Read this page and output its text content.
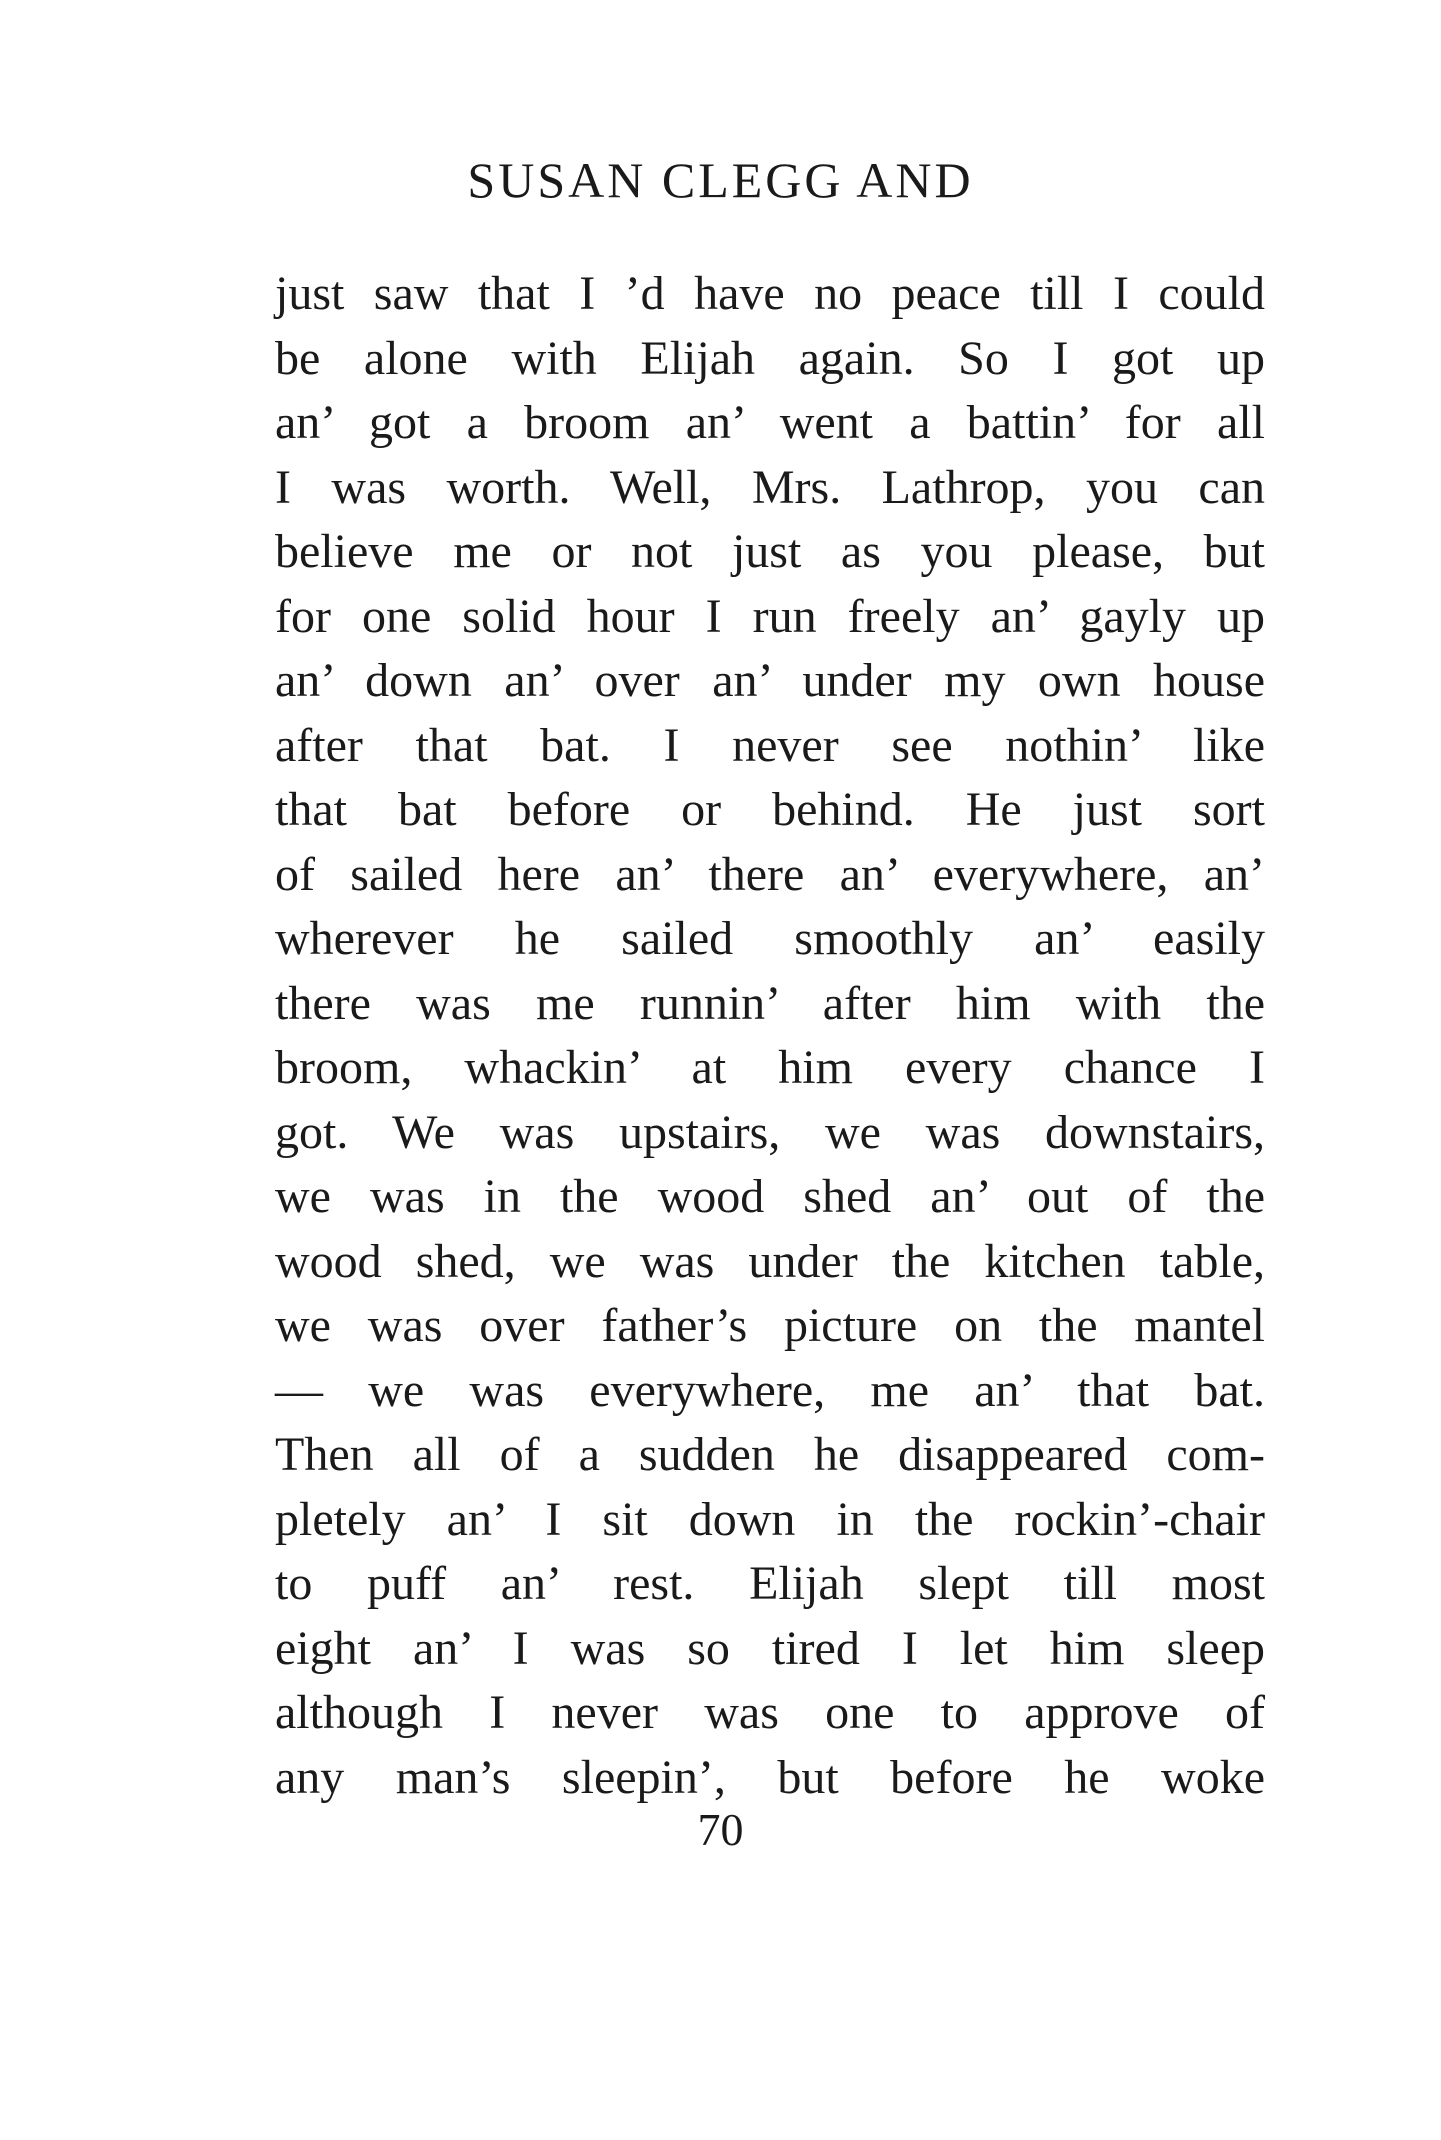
SUSAN CLEGG AND
just saw that I ’d have no peace till I could
be alone with Elijah again. So I got up
an’ got a broom an’ went a battin’ for all
I was worth. Well, Mrs. Lathrop, you can
believe me or not just as you please, but
for one solid hour I run freely an’ gayly up
an’ down an’ over an’ under my own house
after that bat. I never see nothin’ like
that bat before or behind. He just sort
of sailed here an’ there an’ everywhere, an’
wherever he sailed smoothly an’ easily
there was me runnin’ after him with the
broom, whackin’ at him every chance I
got. We was upstairs, we was downstairs,
we was in the wood shed an’ out of the
wood shed, we was under the kitchen table,
we was over father’s picture on the mantel
— we was everywhere, me an’ that bat.
Then all of a sudden he disappeared com-
pletely an’ I sit down in the rockin’-chair
to puff an’ rest. Elijah slept till most
eight an’ I was so tired I let him sleep
although I never was one to approve of
any man’s sleepin’, but before he woke
70
